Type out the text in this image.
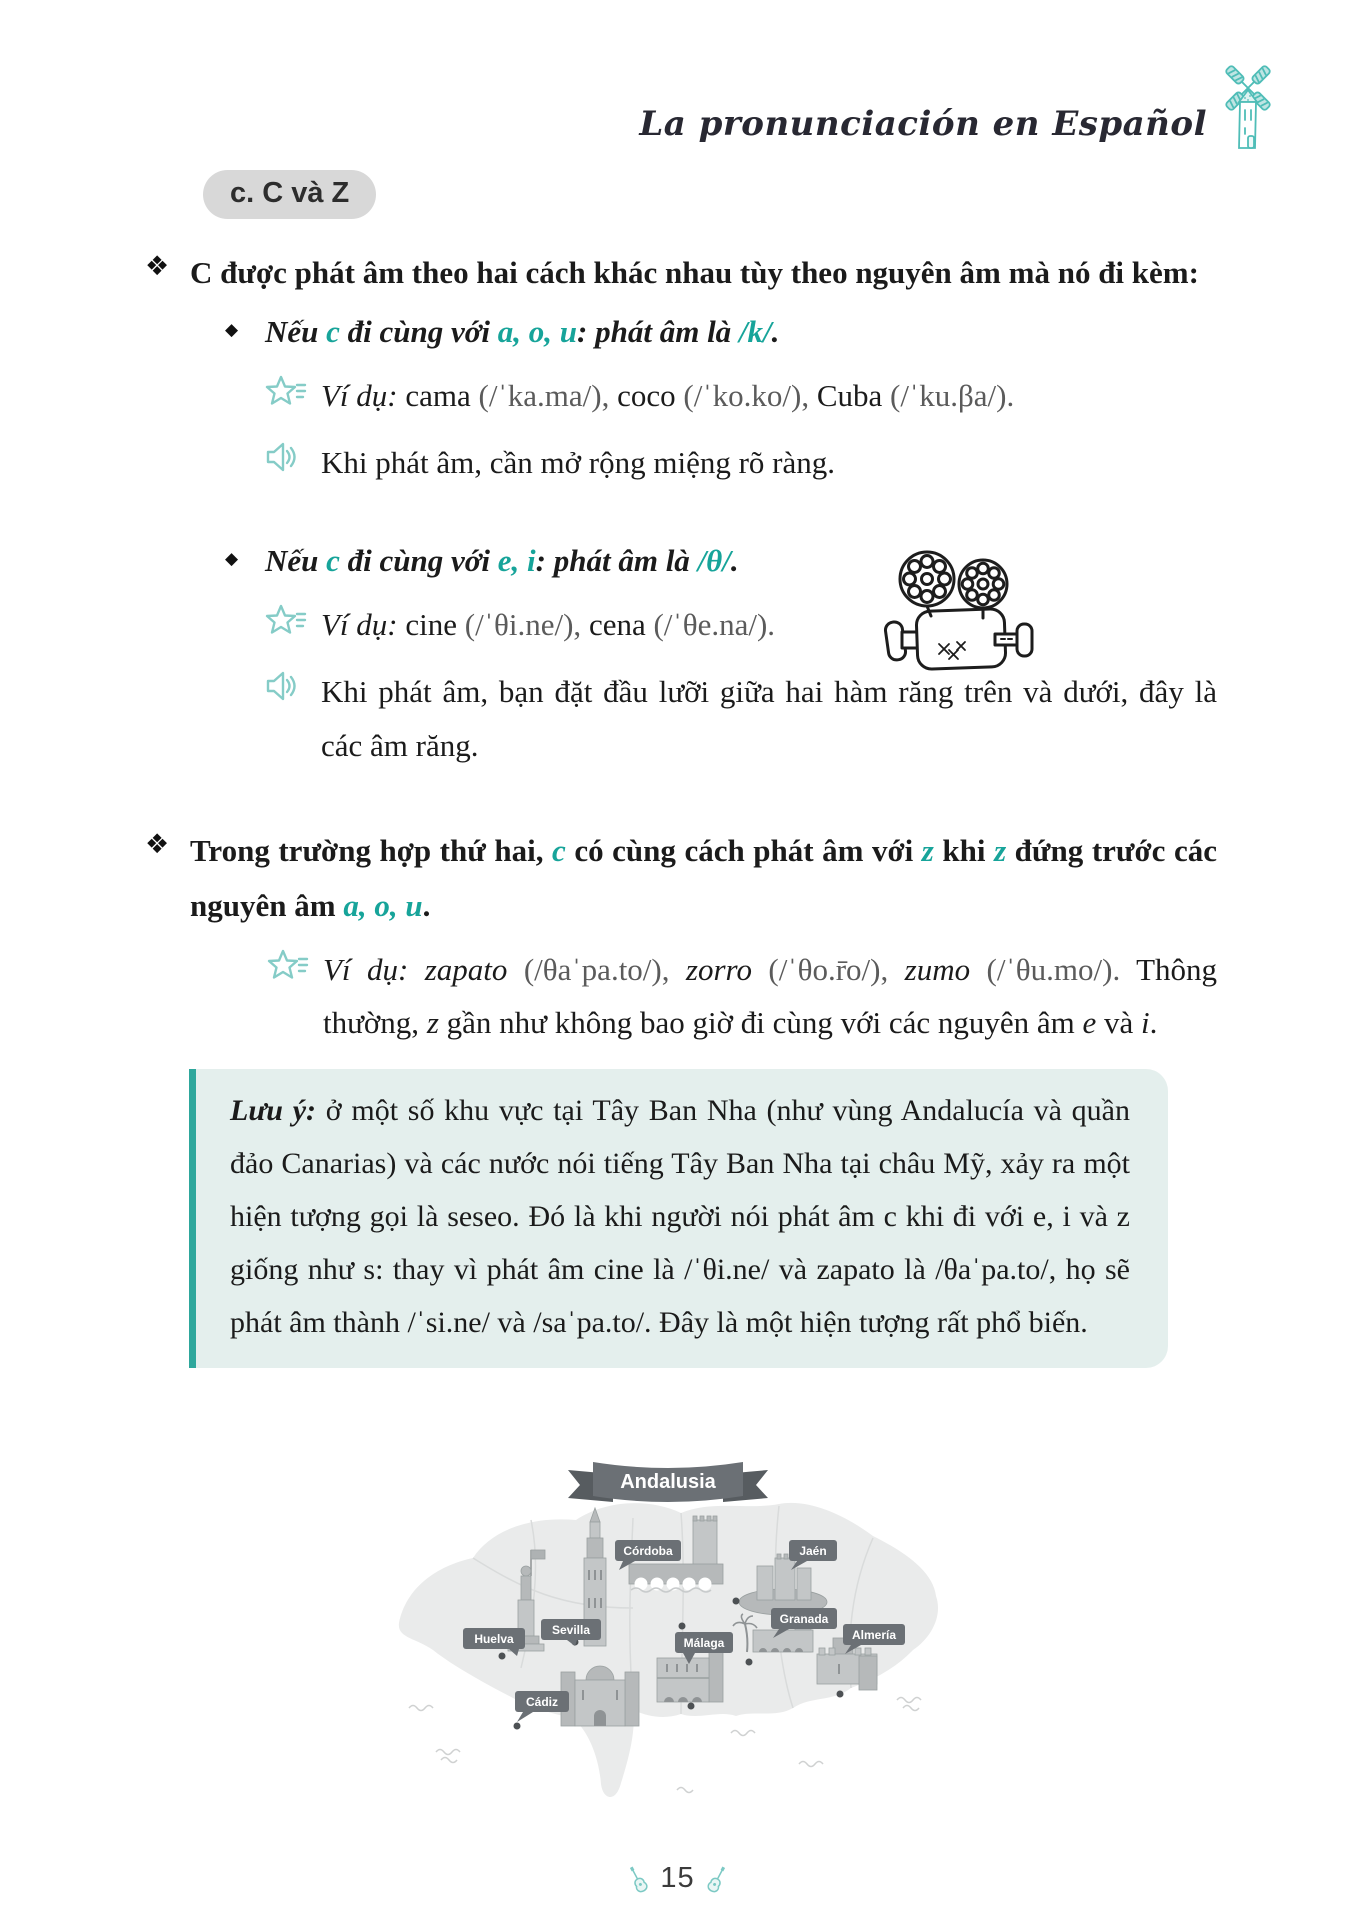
La pronunciación en Español
c. C và Z
❖ C được phát âm theo hai cách khác nhau tùy theo nguyên âm mà nó đi kèm:

◆ Nếu c đi cùng với a, o, u: phát âm là /k/.

Ví dụ: cama (/ˈka.ma/), coco (/ˈko.ko/), Cuba (/ˈku.βa/).

Khi phát âm, cần mở rộng miệng rõ ràng.

◆ Nếu c đi cùng với e, i: phát âm là /θ/.

Ví dụ: cine (/ˈθi.ne/), cena (/ˈθe.na/).

Khi phát âm, bạn đặt đầu lưỡi giữa hai hàm răng trên và dưới, đây là các âm răng.

❖ Trong trường hợp thứ hai, c có cùng cách phát âm với z khi z đứng trước các nguyên âm a, o, u.

Ví dụ: zapato (/θaˈpa.to/), zorro (/ˈθo.r̄o/), zumo (/ˈθu.mo/). Thông thường, z gần như không bao giờ đi cùng với các nguyên âm e và i.

Lưu ý: ở một số khu vực tại Tây Ban Nha (như vùng Andalucía và quần đảo Canarias) và các nước nói tiếng Tây Ban Nha tại châu Mỹ, xảy ra một hiện tượng gọi là seseo. Đó là khi người nói phát âm c khi đi với e, i và z giống như s: thay vì phát âm cine là /ˈθi.ne/ và zapato là /θaˈpa.to/, họ sẽ phát âm thành /ˈsi.ne/ và /saˈpa.to/. Đây là một hiện tượng rất phổ biến.

Huelva
Sevilla
Cádiz
Córdoba
Málaga
Jaén
Granada
Almería
Andalusia
15
